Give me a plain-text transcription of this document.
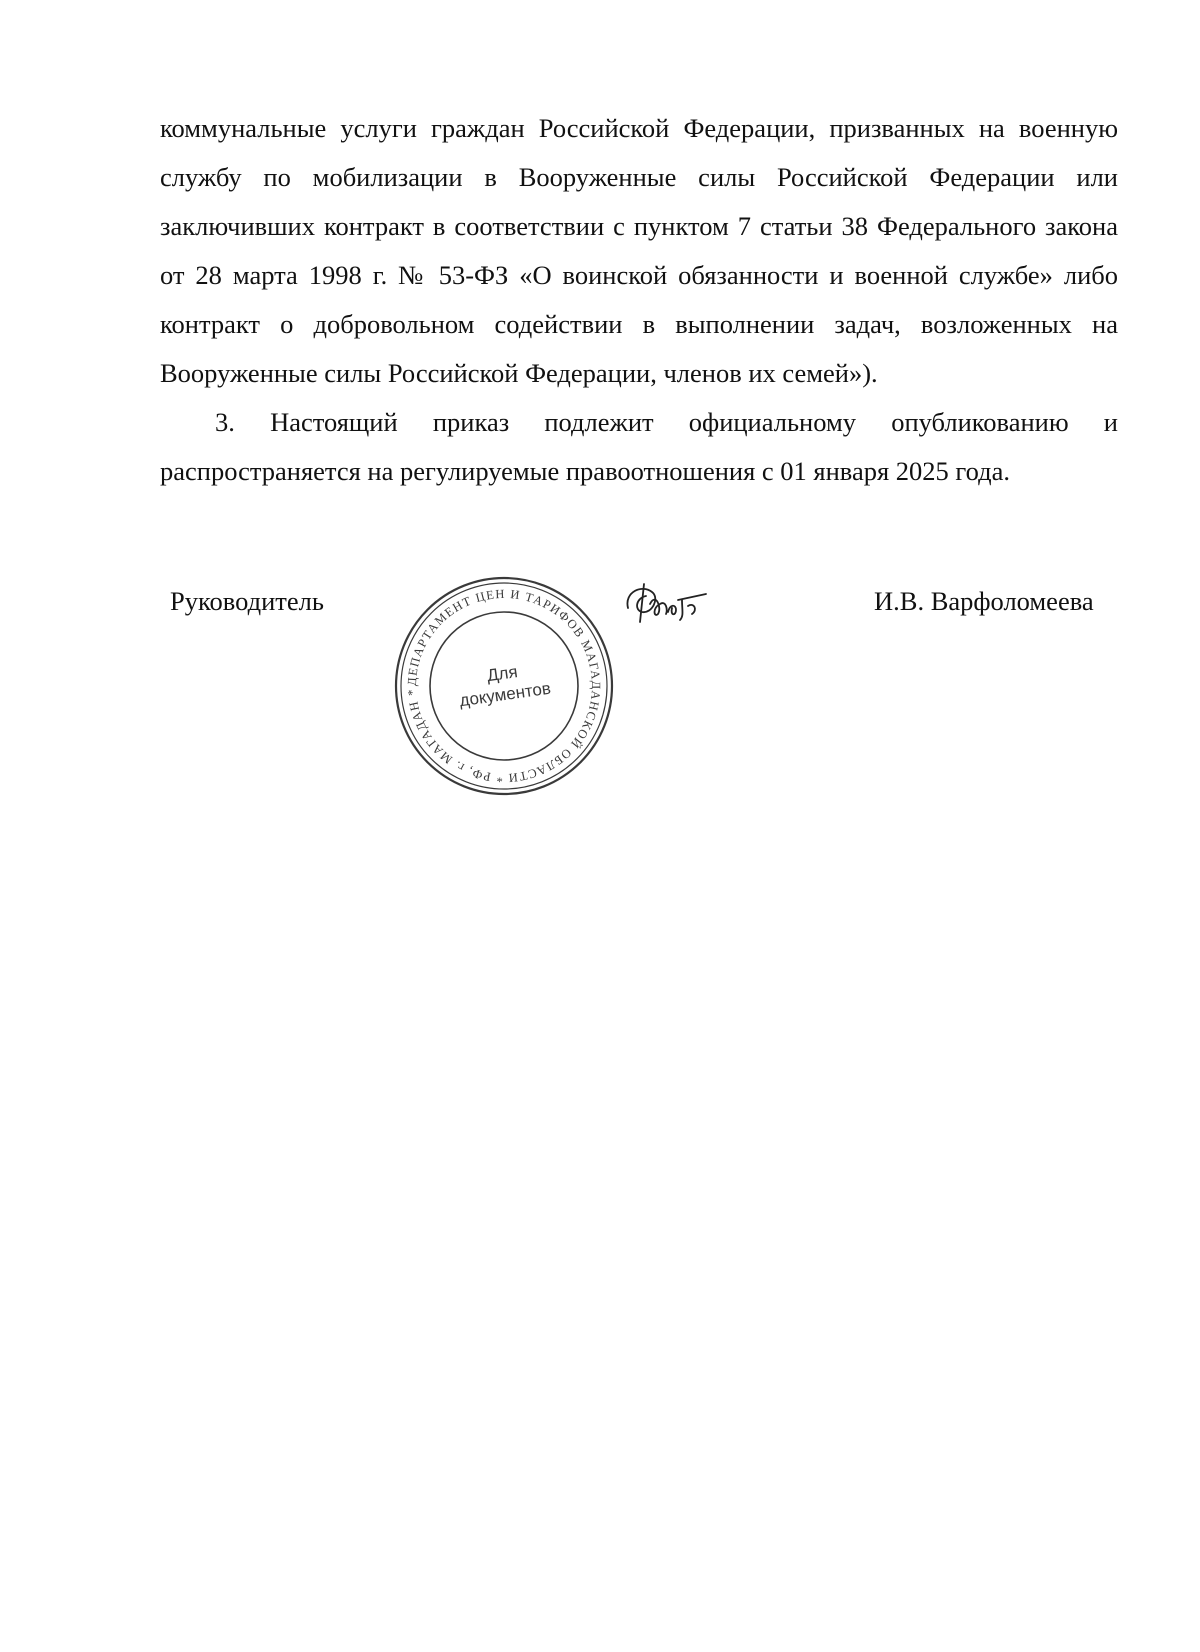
коммунальные услуги граждан Российской Федерации, призванных на военную службу по мобилизации в Вооруженные силы Российской Федерации или заключивших контракт в соответствии с пунктом 7 статьи 38 Федерального закона от 28 марта 1998 г. № 53-ФЗ «О воинской обязанности и военной службе» либо контракт о добровольном содействии в выполнении задач, возложенных на Вооруженные силы Российской Федерации, членов их семей»).

3. Настоящий приказ подлежит официальному опубликованию и распространяется на регулируемые правоотношения с 01 января 2025 года.

Руководитель
ДЕПАРТАМЕНТ ЦЕН И ТАРИФОВ МАГАДАНСКОЙ ОБЛАСТИ * РФ, г. МАГАДАН *
Для
документов
И.В. Варфоломеева
